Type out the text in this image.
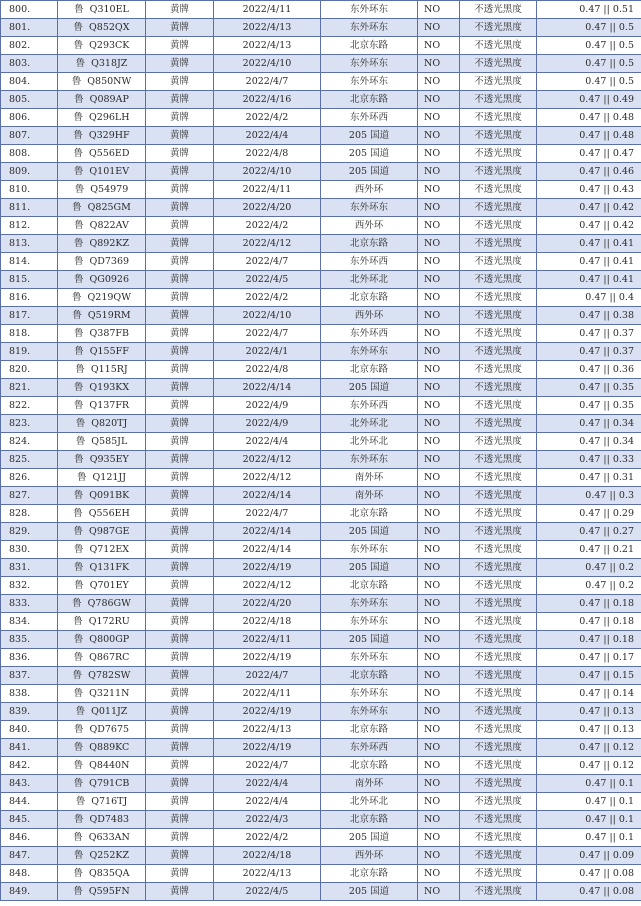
800.	鲁 Q310EL	黄牌	2022/4/11	东外环东	NO	不透光黑度	0.47 || 0.51
801.	鲁 Q852QX	黄牌	2022/4/13	东外环东	NO	不透光黑度	0.47 || 0.5
802.	鲁 Q293CK	黄牌	2022/4/13	北京东路	NO	不透光黑度	0.47 || 0.5
803.	鲁 Q318JZ	黄牌	2022/4/10	东外环东	NO	不透光黑度	0.47 || 0.5
804.	鲁 Q850NW	黄牌	2022/4/7	东外环东	NO	不透光黑度	0.47 || 0.5
805.	鲁 Q089AP	黄牌	2022/4/16	北京东路	NO	不透光黑度	0.47 || 0.49
806.	鲁 Q296LH	黄牌	2022/4/2	东外环西	NO	不透光黑度	0.47 || 0.48
807.	鲁 Q329HF	黄牌	2022/4/4	205 国道	NO	不透光黑度	0.47 || 0.48
808.	鲁 Q556ED	黄牌	2022/4/8	205 国道	NO	不透光黑度	0.47 || 0.47
809.	鲁 Q101EV	黄牌	2022/4/10	205 国道	NO	不透光黑度	0.47 || 0.46
810.	鲁 Q54979	黄牌	2022/4/11	西外环	NO	不透光黑度	0.47 || 0.43
811.	鲁 Q825GM	黄牌	2022/4/20	东外环东	NO	不透光黑度	0.47 || 0.42
812.	鲁 Q822AV	黄牌	2022/4/2	西外环	NO	不透光黑度	0.47 || 0.42
813.	鲁 Q892KZ	黄牌	2022/4/12	北京东路	NO	不透光黑度	0.47 || 0.41
814.	鲁 QD7369	黄牌	2022/4/7	东外环西	NO	不透光黑度	0.47 || 0.41
815.	鲁 QG0926	黄牌	2022/4/5	北外环北	NO	不透光黑度	0.47 || 0.41
816.	鲁 Q219QW	黄牌	2022/4/2	北京东路	NO	不透光黑度	0.47 || 0.4
817.	鲁 Q519RM	黄牌	2022/4/10	西外环	NO	不透光黑度	0.47 || 0.38
818.	鲁 Q387FB	黄牌	2022/4/7	东外环西	NO	不透光黑度	0.47 || 0.37
819.	鲁 Q155FF	黄牌	2022/4/1	东外环东	NO	不透光黑度	0.47 || 0.37
820.	鲁 Q115RJ	黄牌	2022/4/8	北京东路	NO	不透光黑度	0.47 || 0.36
821.	鲁 Q193KX	黄牌	2022/4/14	205 国道	NO	不透光黑度	0.47 || 0.35
822.	鲁 Q137FR	黄牌	2022/4/9	东外环西	NO	不透光黑度	0.47 || 0.35
823.	鲁 Q820TJ	黄牌	2022/4/9	北外环北	NO	不透光黑度	0.47 || 0.34
824.	鲁 Q585JL	黄牌	2022/4/4	北外环北	NO	不透光黑度	0.47 || 0.34
825.	鲁 Q935EY	黄牌	2022/4/12	东外环东	NO	不透光黑度	0.47 || 0.33
826.	鲁 Q121JJ	黄牌	2022/4/12	南外环	NO	不透光黑度	0.47 || 0.31
827.	鲁 Q091BK	黄牌	2022/4/14	南外环	NO	不透光黑度	0.47 || 0.3
828.	鲁 Q556EH	黄牌	2022/4/7	北京东路	NO	不透光黑度	0.47 || 0.29
829.	鲁 Q987GE	黄牌	2022/4/14	205 国道	NO	不透光黑度	0.47 || 0.27
830.	鲁 Q712EX	黄牌	2022/4/14	东外环东	NO	不透光黑度	0.47 || 0.21
831.	鲁 Q131FK	黄牌	2022/4/19	205 国道	NO	不透光黑度	0.47 || 0.2
832.	鲁 Q701EY	黄牌	2022/4/12	北京东路	NO	不透光黑度	0.47 || 0.2
833.	鲁 Q786GW	黄牌	2022/4/20	东外环东	NO	不透光黑度	0.47 || 0.18
834.	鲁 Q172RU	黄牌	2022/4/18	东外环东	NO	不透光黑度	0.47 || 0.18
835.	鲁 Q800GP	黄牌	2022/4/11	205 国道	NO	不透光黑度	0.47 || 0.18
836.	鲁 Q867RC	黄牌	2022/4/19	东外环东	NO	不透光黑度	0.47 || 0.17
837.	鲁 Q782SW	黄牌	2022/4/7	北京东路	NO	不透光黑度	0.47 || 0.15
838.	鲁 Q3211N	黄牌	2022/4/11	东外环东	NO	不透光黑度	0.47 || 0.14
839.	鲁 Q011JZ	黄牌	2022/4/19	东外环东	NO	不透光黑度	0.47 || 0.13
840.	鲁 QD7675	黄牌	2022/4/13	北京东路	NO	不透光黑度	0.47 || 0.13
841.	鲁 Q889KC	黄牌	2022/4/19	东外环西	NO	不透光黑度	0.47 || 0.12
842.	鲁 Q8440N	黄牌	2022/4/7	北京东路	NO	不透光黑度	0.47 || 0.12
843.	鲁 Q791CB	黄牌	2022/4/4	南外环	NO	不透光黑度	0.47 || 0.1
844.	鲁 Q716TJ	黄牌	2022/4/4	北外环北	NO	不透光黑度	0.47 || 0.1
845.	鲁 QD7483	黄牌	2022/4/3	北京东路	NO	不透光黑度	0.47 || 0.1
846.	鲁 Q633AN	黄牌	2022/4/2	205 国道	NO	不透光黑度	0.47 || 0.1
847.	鲁 Q252KZ	黄牌	2022/4/18	西外环	NO	不透光黑度	0.47 || 0.09
848.	鲁 Q835QA	黄牌	2022/4/13	北京东路	NO	不透光黑度	0.47 || 0.08
849.	鲁 Q595FN	黄牌	2022/4/5	205 国道	NO	不透光黑度	0.47 || 0.08
